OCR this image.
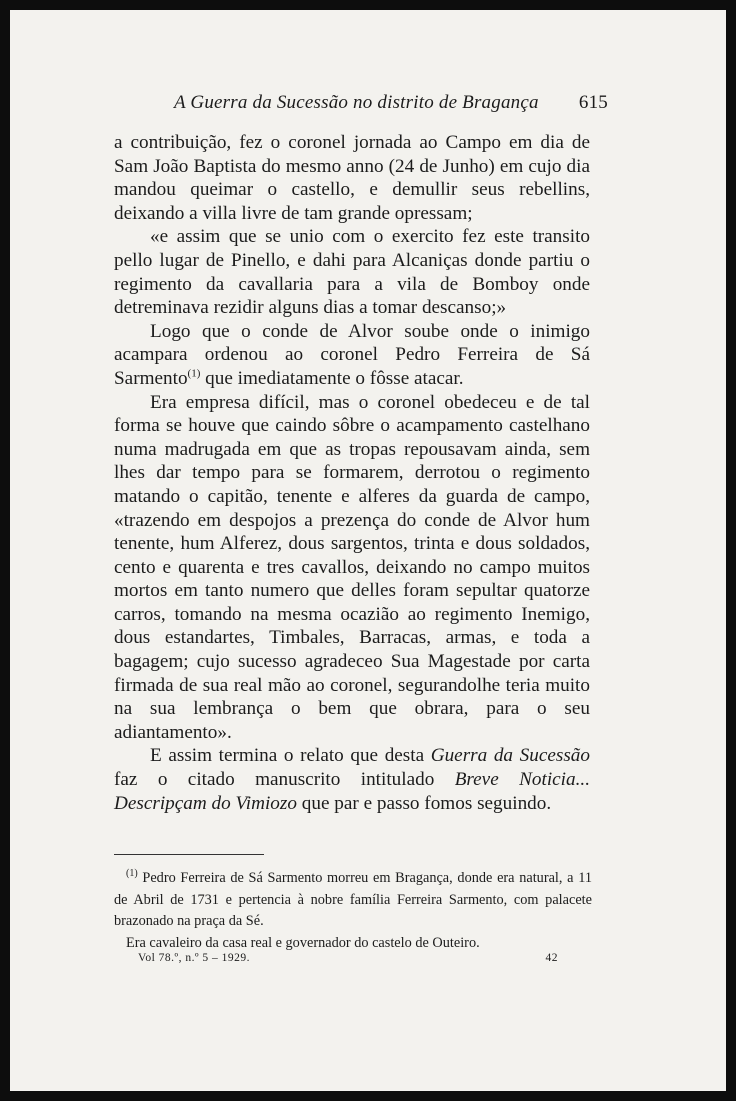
A Guerra da Sucessão no distrito de Bragança 615

a contribuição, fez o coronel jornada ao Campo em dia de Sam João Baptista do mesmo anno (24 de Junho) em cujo dia mandou queimar o castello, e demullir seus rebellins, deixando a villa livre de tam grande opressam;

«e assim que se unio com o exercito fez este transito pello lugar de Pinello, e dahi para Alcaniças donde partiu o regimento da cavallaria para a vila de Bomboy onde detreminava rezidir alguns dias a tomar descanso;»

Logo que o conde de Alvor soube onde o inimigo acampara ordenou ao coronel Pedro Ferreira de Sá Sarmento$^{(1)}$ que imediatamente o fôsse atacar.

Era empresa difícil, mas o coronel obedeceu e de tal forma se houve que caindo sôbre o acampamento castelhano numa madrugada em que as tropas repousavam ainda, sem lhes dar tempo para se formarem, derrotou o regimento matando o capitão, tenente e alferes da guarda de campo, «trazendo em despojos a prezença do conde de Alvor hum tenente, hum Alferez, dous sargentos, trinta e dous soldados, cento e quarenta e tres cavallos, deixando no campo muitos mortos em tanto numero que delles foram sepultar quatorze carros, tomando na mesma ocazião ao regimento Inemigo, dous estandartes, Timbales, Barracas, armas, e toda a bagagem; cujo sucesso agradeceo Sua Magestade por carta firmada de sua real mão ao coronel, segurandolhe teria muito na sua lembrança o bem que obrara, para o seu adiantamento».

E assim termina o relato que desta Guerra da Sucessão faz o citado manuscrito intitulado Breve Noticia... Descripçam do Vimiozo que par e passo fomos seguindo.

$^{(1)}$ Pedro Ferreira de Sá Sarmento morreu em Bragança, donde era natural, a 11 de Abril de 1731 e pertencia à nobre família Ferreira Sarmento, com palacete brazonado na praça da Sé.

Era cavaleiro da casa real e governador do castelo de Outeiro.

Vol 78.º, n.º 5 – 1929.	42
